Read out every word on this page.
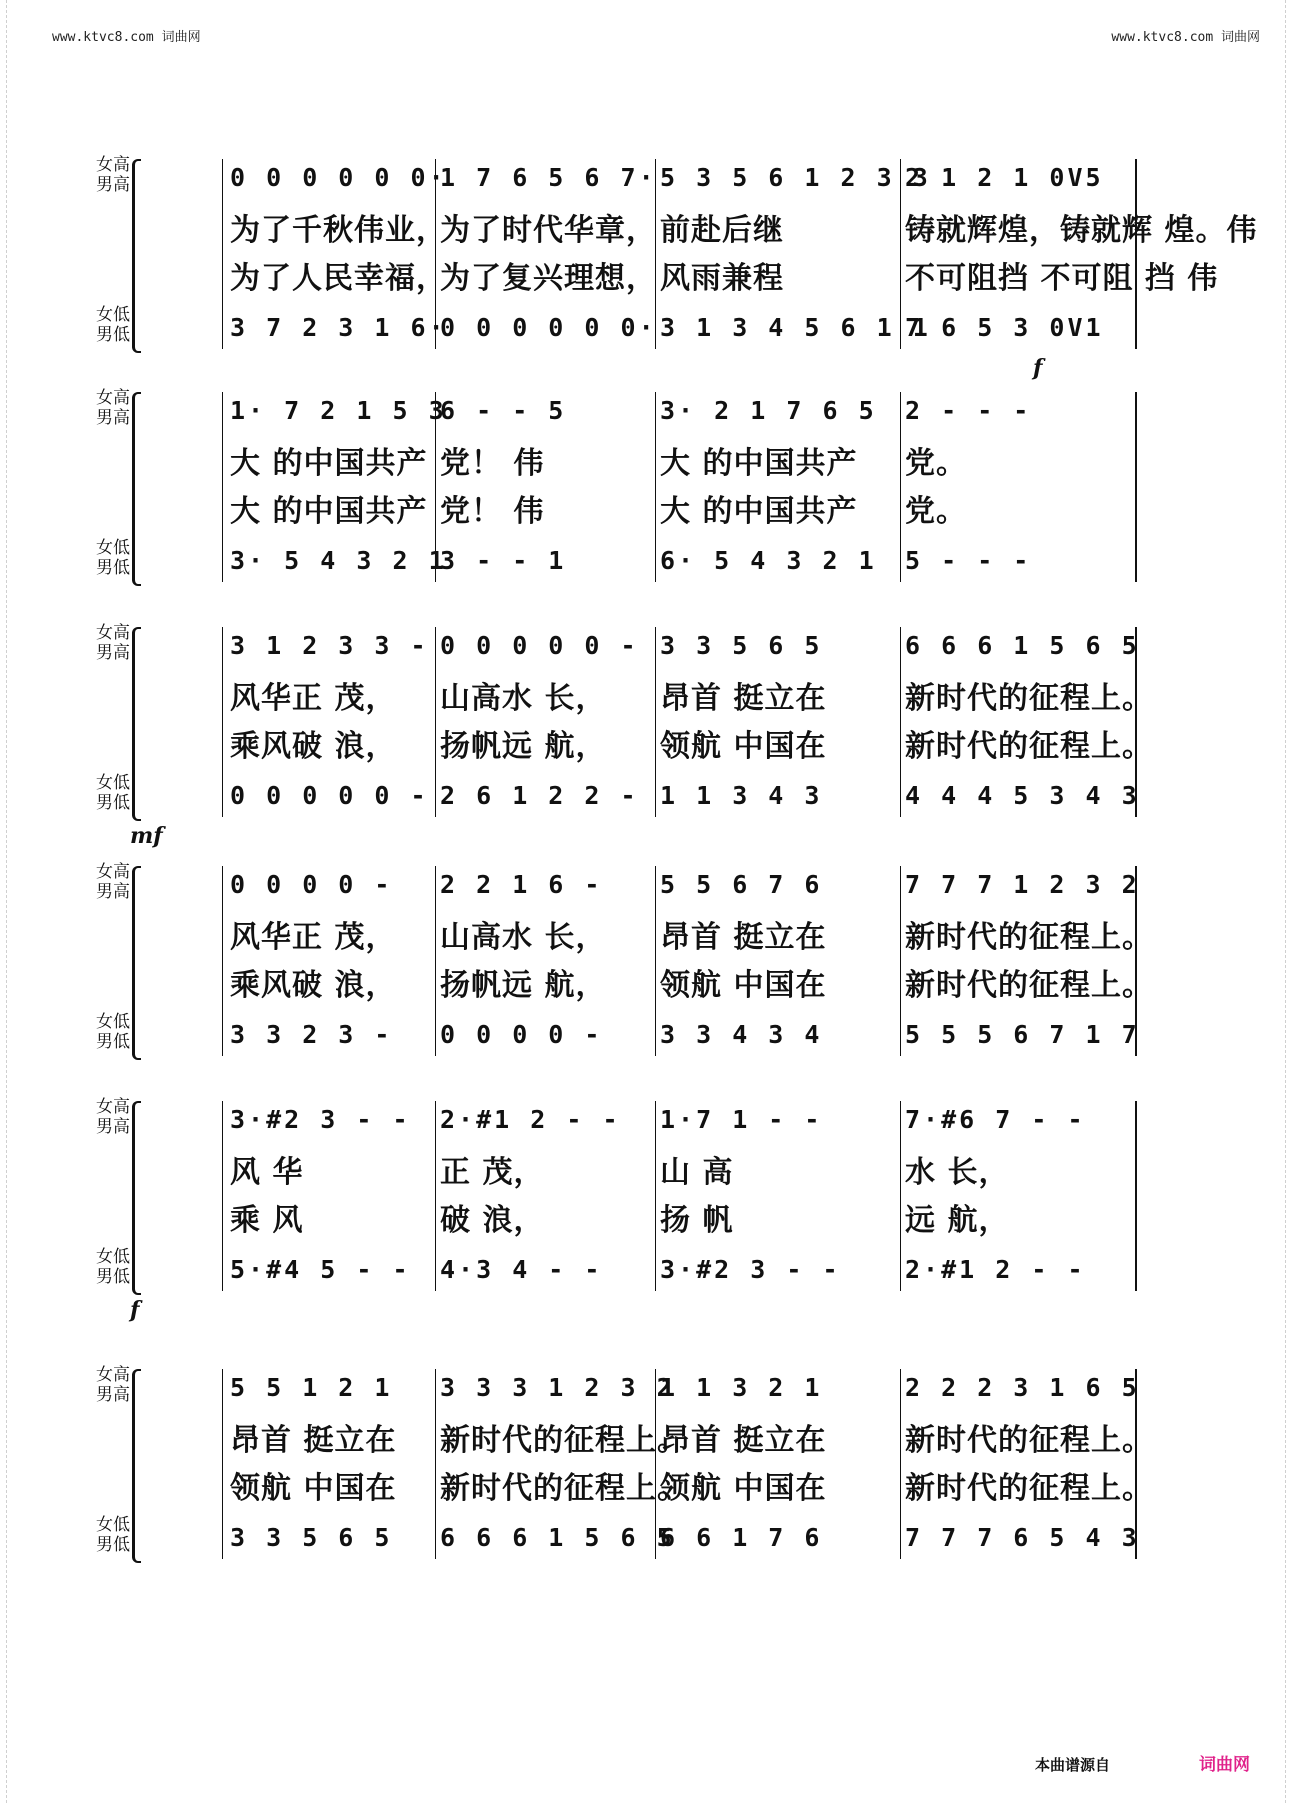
www.ktvc8.com 词曲网	www.ktvc8.com 词曲网
女高
男高
女低
男低
0 0 0 0 0 0·
为了千秋伟业，
为了人民幸福，
3 7 2 3 1 6·
1 7 6 5 6 7·
为了时代华章，
为了复兴理想，
0 0 0 0 0 0·
5 3 5 6 1 2 3 3
前赴后继
风雨兼程
3 1 3 4 5 6 1 1
2 1 2 1 0V5
铸就辉煌，铸就辉 煌。伟
不可阻挡 不可阻 挡 伟
7 6 5 3 0V1
f
女高
男高
女低
男低
1· 7 2 1 5 3
大 的中国共产
大 的中国共产
3· 5 4 3 2 1
6 - - 5
党！ 伟
党！ 伟
3 - - 1
3· 2 1 7 6 5
大 的中国共产
大 的中国共产
6· 5 4 3 2 1
2 - - -
党。
党。
5 - - -
女高
男高
女低
男低
3 1 2 3 3 -
风华正 茂，
乘风破 浪，
0 0 0 0 0 -
0 0 0 0 0 -
山高水 长，
扬帆远 航，
2 6 1 2 2 -
3 3 5 6 5
昂首 挺立在
领航 中国在
1 1 3 4 3
6 6 6 1 5 6 5
新时代的征程上。
新时代的征程上。
4 4 4 5 3 4 3
mf
女高
男高
女低
男低
0 0 0 0 -
风华正 茂，
乘风破 浪，
3 3 2 3 -
2 2 1 6 -
山高水 长，
扬帆远 航，
0 0 0 0 -
5 5 6 7 6
昂首 挺立在
领航 中国在
3 3 4 3 4
7 7 7 1 2 3 2
新时代的征程上。
新时代的征程上。
5 5 5 6 7 1 7
女高
男高
女低
男低
3·#2 3 - -
风 华
乘 风
5·#4 5 - -
2·#1 2 - -
正 茂，
破 浪，
4·3 4 - -
1·7 1 - -
山 高
扬 帆
3·#2 3 - -
7·#6 7 - -
水 长，
远 航，
2·#1 2 - -
f
女高
男高
女低
男低
5 5 1 2 1
昂首 挺立在
领航 中国在
3 3 5 6 5
3 3 3 1 2 3 2
新时代的征程上。
新时代的征程上。
6 6 6 1 5 6 5
1 1 3 2 1
昂首 挺立在
领航 中国在
6 6 1 7 6
2 2 2 3 1 6 5
新时代的征程上。
新时代的征程上。
7 7 7 6 5 4 3
本曲谱源自	词曲网
